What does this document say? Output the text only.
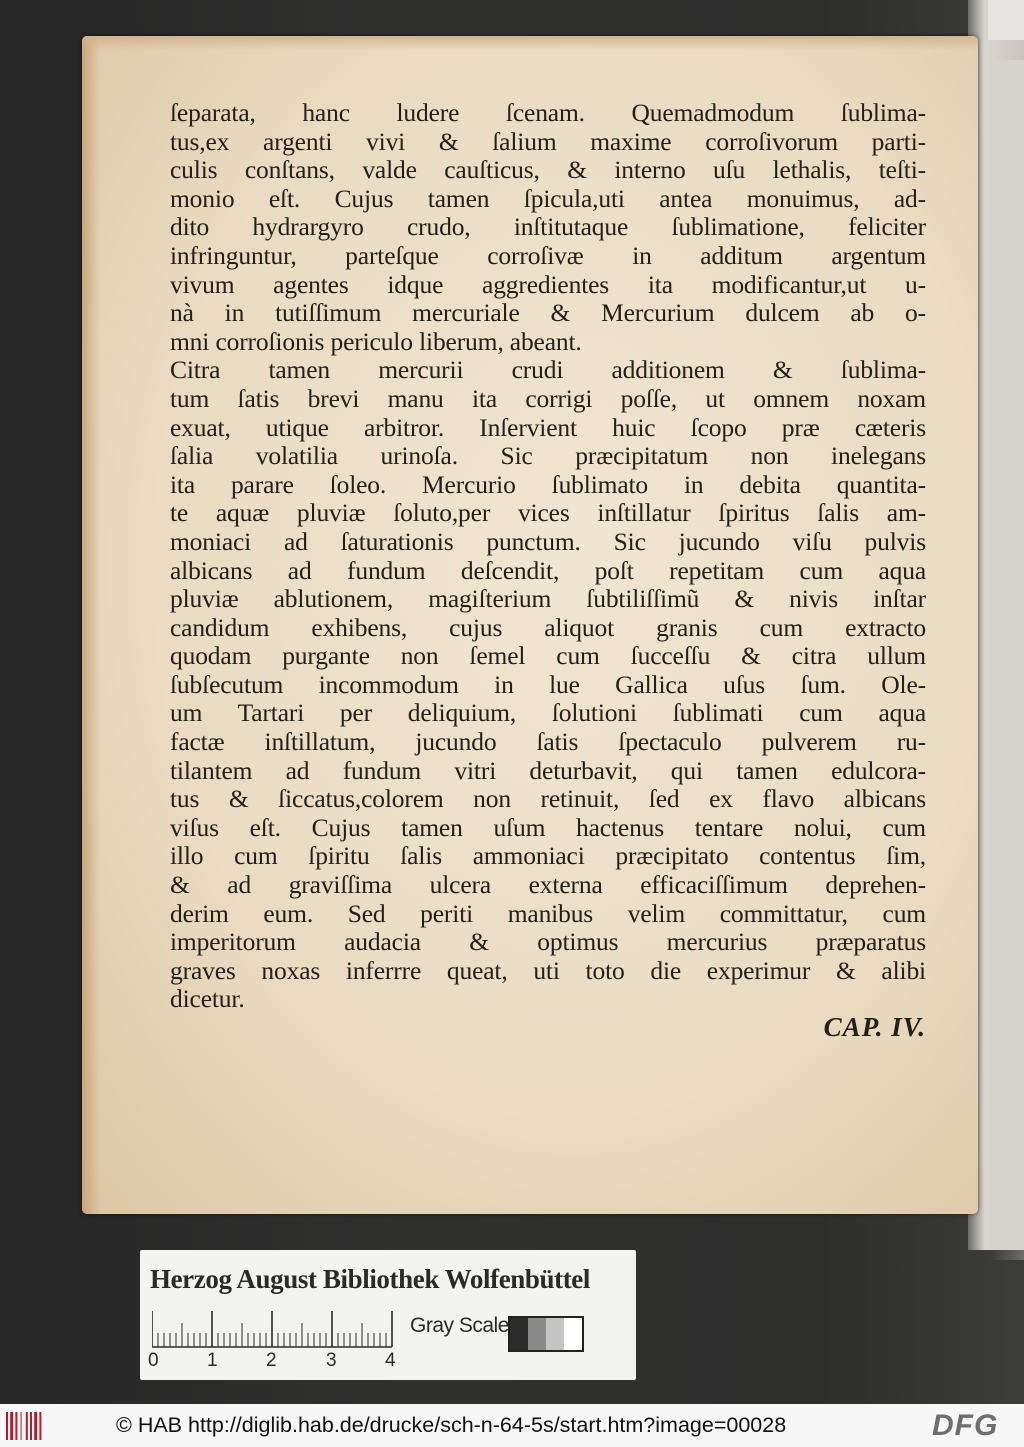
ſeparata, hanc ludere ſcenam. Quemadmodum ſublima-
tus,ex argenti vivi & ſalium maxime corroſivorum parti-
culis conſtans, valde cauſticus, & interno uſu lethalis, teſti-
monio eſt. Cujus tamen ſpicula,uti antea monuimus, ad-
dito hydrargyro crudo, inſtitutaque ſublimatione, feliciter
infringuntur, parteſque corroſivæ in additum argentum
vivum agentes idque aggredientes ita modificantur,ut u-
nà in tutiſſimum mercuriale & Mercurium dulcem ab o-
mni corroſionis periculo liberum, abeant.
Citra tamen mercurii crudi additionem & ſublima-
tum ſatis brevi manu ita corrigi poſſe, ut omnem noxam
exuat, utique arbitror. Inſervient huic ſcopo præ cæteris
ſalia volatilia urinoſa. Sic præcipitatum non inelegans
ita parare ſoleo. Mercurio ſublimato in debita quantita-
te aquæ pluviæ ſoluto,per vices inſtillatur ſpiritus ſalis am-
moniaci ad ſaturationis punctum. Sic jucundo viſu pulvis
albicans ad fundum deſcendit, poſt repetitam cum aqua
pluviæ ablutionem, magiſterium ſubtiliſſimũ & nivis inſtar
candidum exhibens, cujus aliquot granis cum extracto
quodam purgante non ſemel cum ſucceſſu & citra ullum
ſubſecutum incommodum in lue Gallica uſus ſum. Ole-
um Tartari per deliquium, ſolutioni ſublimati cum aqua
factæ inſtillatum, jucundo ſatis ſpectaculo pulverem ru-
tilantem ad fundum vitri deturbavit, qui tamen edulcora-
tus & ſiccatus,colorem non retinuit, ſed ex flavo albicans
viſus eſt. Cujus tamen uſum hactenus tentare nolui, cum
illo cum ſpiritu ſalis ammoniaci præcipitato contentus ſim,
& ad graviſſima ulcera externa efficaciſſimum deprehen-
derim eum. Sed periti manibus velim committatur, cum
imperitorum audacia & optimus mercurius præparatus
graves noxas inferrre queat, uti toto die experimur & alibi
dicetur.
CAP. IV.
Herzog August Bibliothek Wolfenbüttel
0	1	2	3	4
Gray Scale
© HAB http://diglib.hab.de/drucke/sch-n-64-5s/start.htm?image=00028	DFG
